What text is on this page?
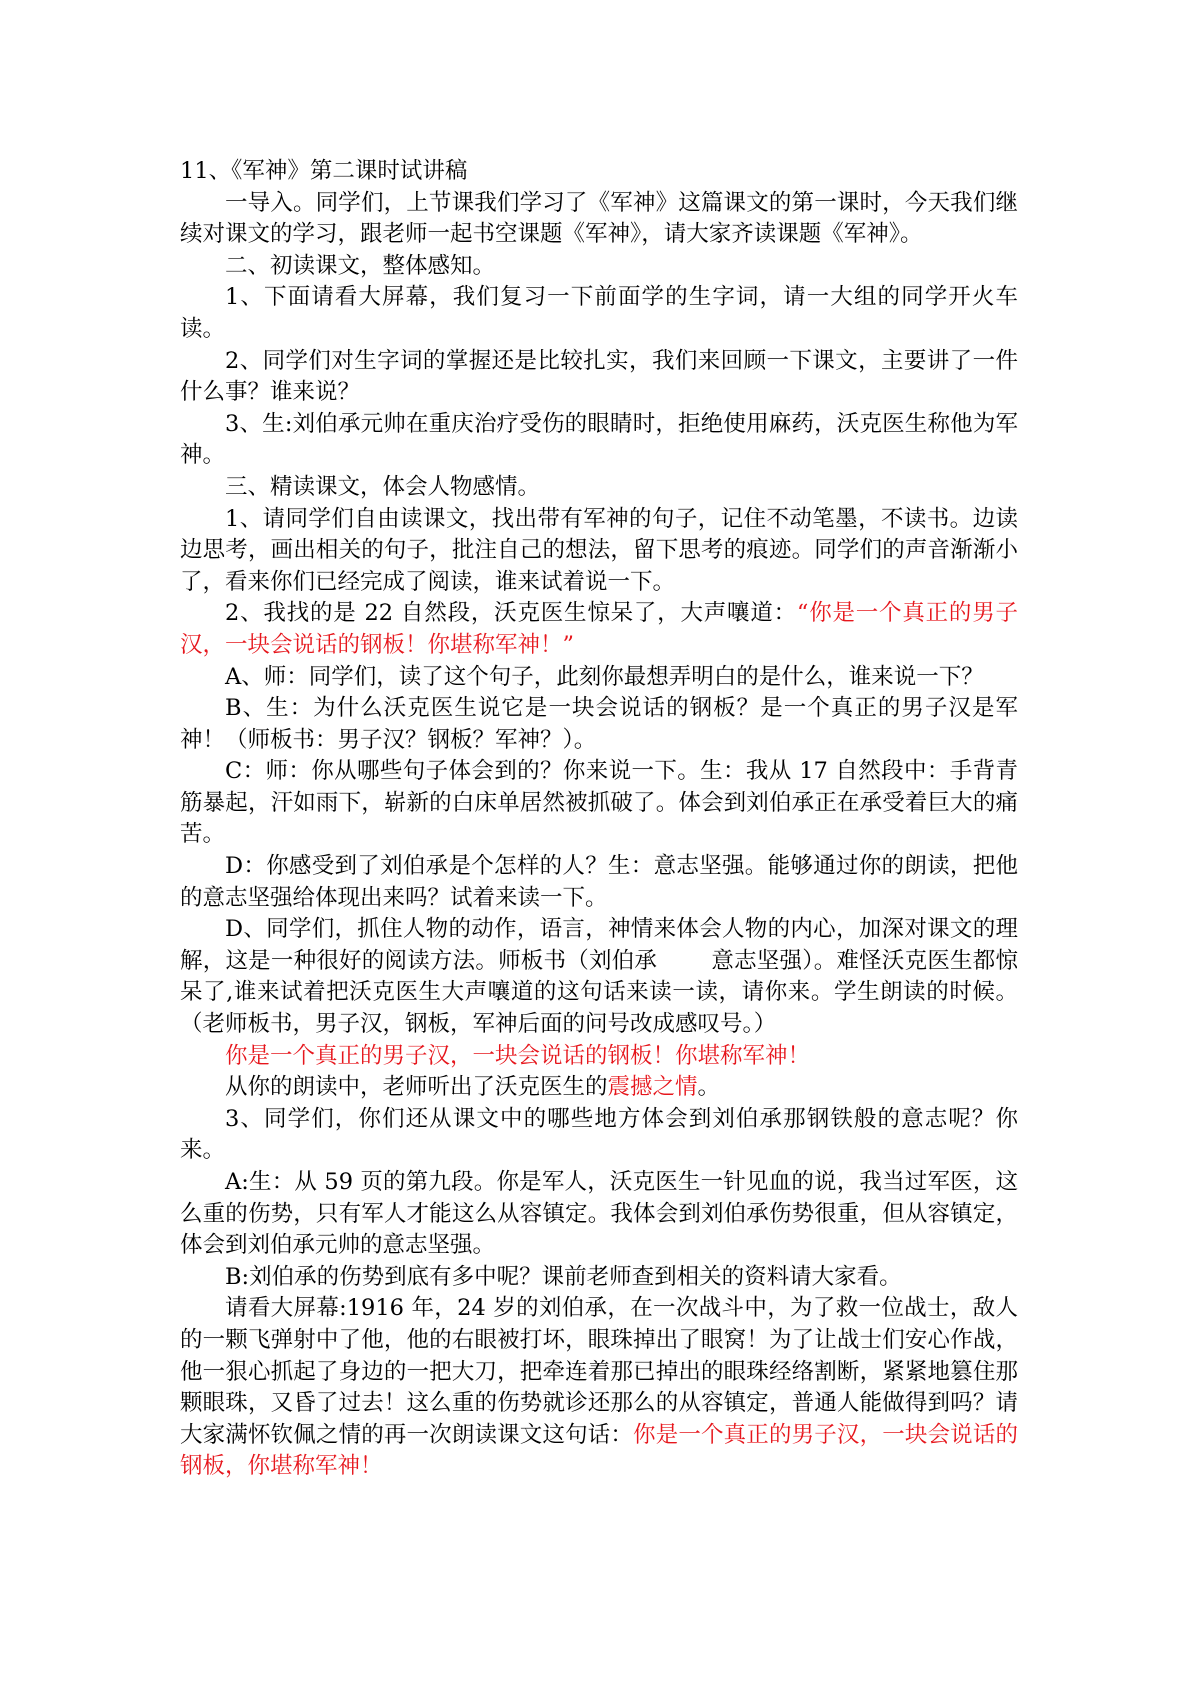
11、《军神》第二课时试讲稿

一导入。同学们，上节课我们学习了《军神》这篇课文的第一课时，今天我们继续对课文的学习，跟老师一起书空课题《军神》，请大家齐读课题《军神》。

二、初读课文，整体感知。

1、下面请看大屏幕，我们复习一下前面学的生字词，请一大组的同学开火车读。

2、同学们对生字词的掌握还是比较扎实，我们来回顾一下课文，主要讲了一件什么事？谁来说？

3、生:刘伯承元帅在重庆治疗受伤的眼睛时，拒绝使用麻药，沃克医生称他为军神。

三、精读课文，体会人物感情。

1、请同学们自由读课文，找出带有军神的句子，记住不动笔墨，不读书。边读边思考，画出相关的句子，批注自己的想法，留下思考的痕迹。同学们的声音渐渐小了，看来你们已经完成了阅读，谁来试着说一下。

2、我找的是 22 自然段，沃克医生惊呆了，大声嚷道：“你是一个真正的男子汉，一块会说话的钢板！你堪称军神！”

A、师：同学们，读了这个句子，此刻你最想弄明白的是什么，谁来说一下？

B、生：为什么沃克医生说它是一块会说话的钢板？是一个真正的男子汉是军神！（师板书：男子汉？钢板？军神？）。

C：师：你从哪些句子体会到的？你来说一下。生：我从 17 自然段中：手背青筋暴起，汗如雨下，崭新的白床单居然被抓破了。体会到刘伯承正在承受着巨大的痛苦。

D：你感受到了刘伯承是个怎样的人？生：意志坚强。能够通过你的朗读，把他的意志坚强给体现出来吗？试着来读一下。

D、同学们，抓住人物的动作，语言，神情来体会人物的内心，加深对课文的理解，这是一种很好的阅读方法。师板书（刘伯承 意志坚强）。难怪沃克医生都惊呆了,谁来试着把沃克医生大声嚷道的这句话来读一读，请你来。学生朗读的时候。（老师板书，男子汉，钢板，军神后面的问号改成感叹号。）

你是一个真正的男子汉，一块会说话的钢板！你堪称军神！

从你的朗读中，老师听出了沃克医生的震撼之情。

3、同学们，你们还从课文中的哪些地方体会到刘伯承那钢铁般的意志呢？你来。

A:生：从 59 页的第九段。你是军人，沃克医生一针见血的说，我当过军医，这么重的伤势，只有军人才能这么从容镇定。我体会到刘伯承伤势很重，但从容镇定，体会到刘伯承元帅的意志坚强。

B:刘伯承的伤势到底有多中呢？课前老师查到相关的资料请大家看。

请看大屏幕:1916 年，24 岁的刘伯承，在一次战斗中，为了救一位战士，敌人的一颗飞弹射中了他，他的右眼被打坏，眼珠掉出了眼窝！为了让战士们安心作战，他一狠心抓起了身边的一把大刀，把牵连着那已掉出的眼珠经络割断，紧紧地篡住那颗眼珠，又昏了过去！这么重的伤势就诊还那么的从容镇定，普通人能做得到吗？请大家满怀钦佩之情的再一次朗读课文这句话：你是一个真正的男子汉，一块会说话的钢板，你堪称军神！
